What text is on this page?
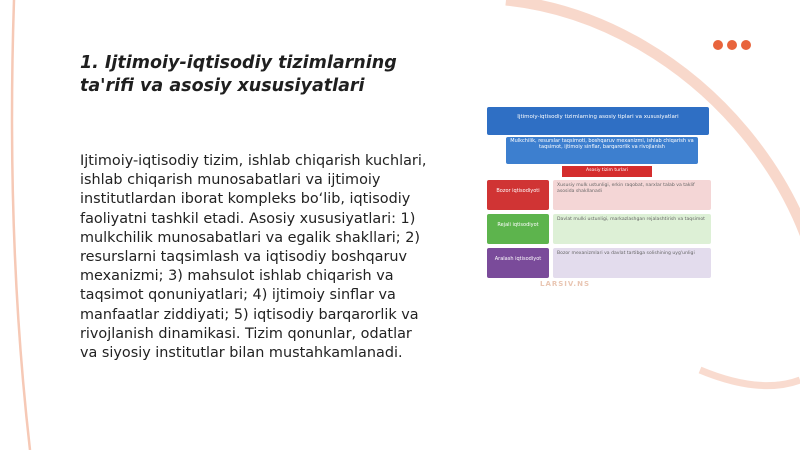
1. Ijtimoiy-iqtisodiy tizimlarning ta'rifi va asosiy xususiyatlari

Ijtimoiy-iqtisodiy tizim, ishlab chiqarish kuchlari, ishlab chiqarish munosabatlari va ijtimoiy institutlardan iborat kompleks bo‘lib, iqtisodiy faoliyatni tashkil etadi. Asosiy xususiyatlari: 1) mulkchilik munosabatlari va egalik shakllari; 2) resurslarni taqsimlash va iqtisodiy boshqaruv mexanizmi; 3) mahsulot ishlab chiqarish va taqsimot qonuniyatlari; 4) ijtimoiy sinflar va manfaatlar ziddiyati; 5) iqtisodiy barqarorlik va rivojlanish dinamikasi. Tizim qonunlar, odatlar va siyosiy institutlar bilan mustahkamlanadi.

Ijtimoiy-iqtisodiy tizimlarning asosiy tiplari va xususiyatlari
Mulkchilik, resurslar taqsimoti, boshqaruv mexanizmi, ishlab chiqarish va taqsimot, ijtimoiy sinflar, barqarorlik va rivojlanish
Asosiy tizim turlari
Bozor iqtisodiyoti
Xususiy mulk ustunligi, erkin raqobat, narxlar talab va taklif asosida shakllanadi
Rejali iqtisodiyot
Davlat mulki ustunligi, markazlashgan rejalashtirish va taqsimot
Aralash iqtisodiyot
Bozor mexanizmlari va davlat tartibga solishining uyg'unligi
LARSIV.NS
